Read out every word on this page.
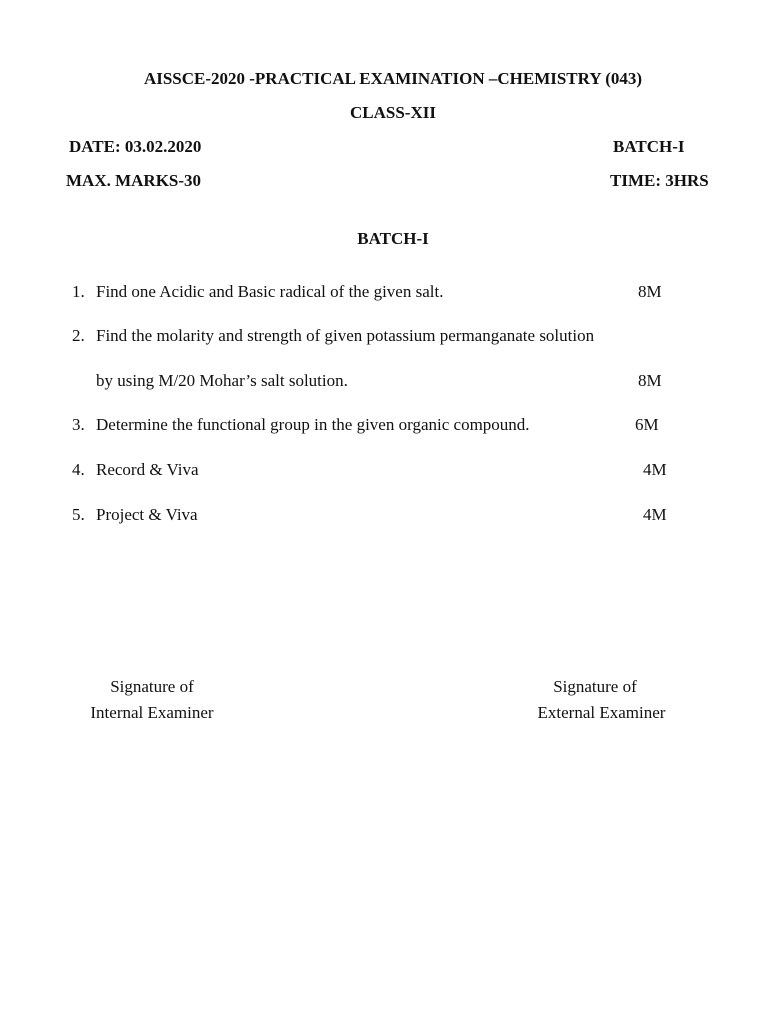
AISSCE-2020 -PRACTICAL EXAMINATION –CHEMISTRY (043)
CLASS-XII
DATE: 03.02.2020	BATCH-I
MAX. MARKS-30	TIME: 3HRS
BATCH-I
1. Find one Acidic and Basic radical of the given salt.	8M
2. Find the molarity and strength of given potassium permanganate solution
by using M/20 Mohar’s salt solution.	8M
3. Determine the functional group in the given organic compound.	6M
4. Record & Viva	4M
5. Project & Viva	4M
Signature of
Internal Examiner
Signature of
External Examiner
